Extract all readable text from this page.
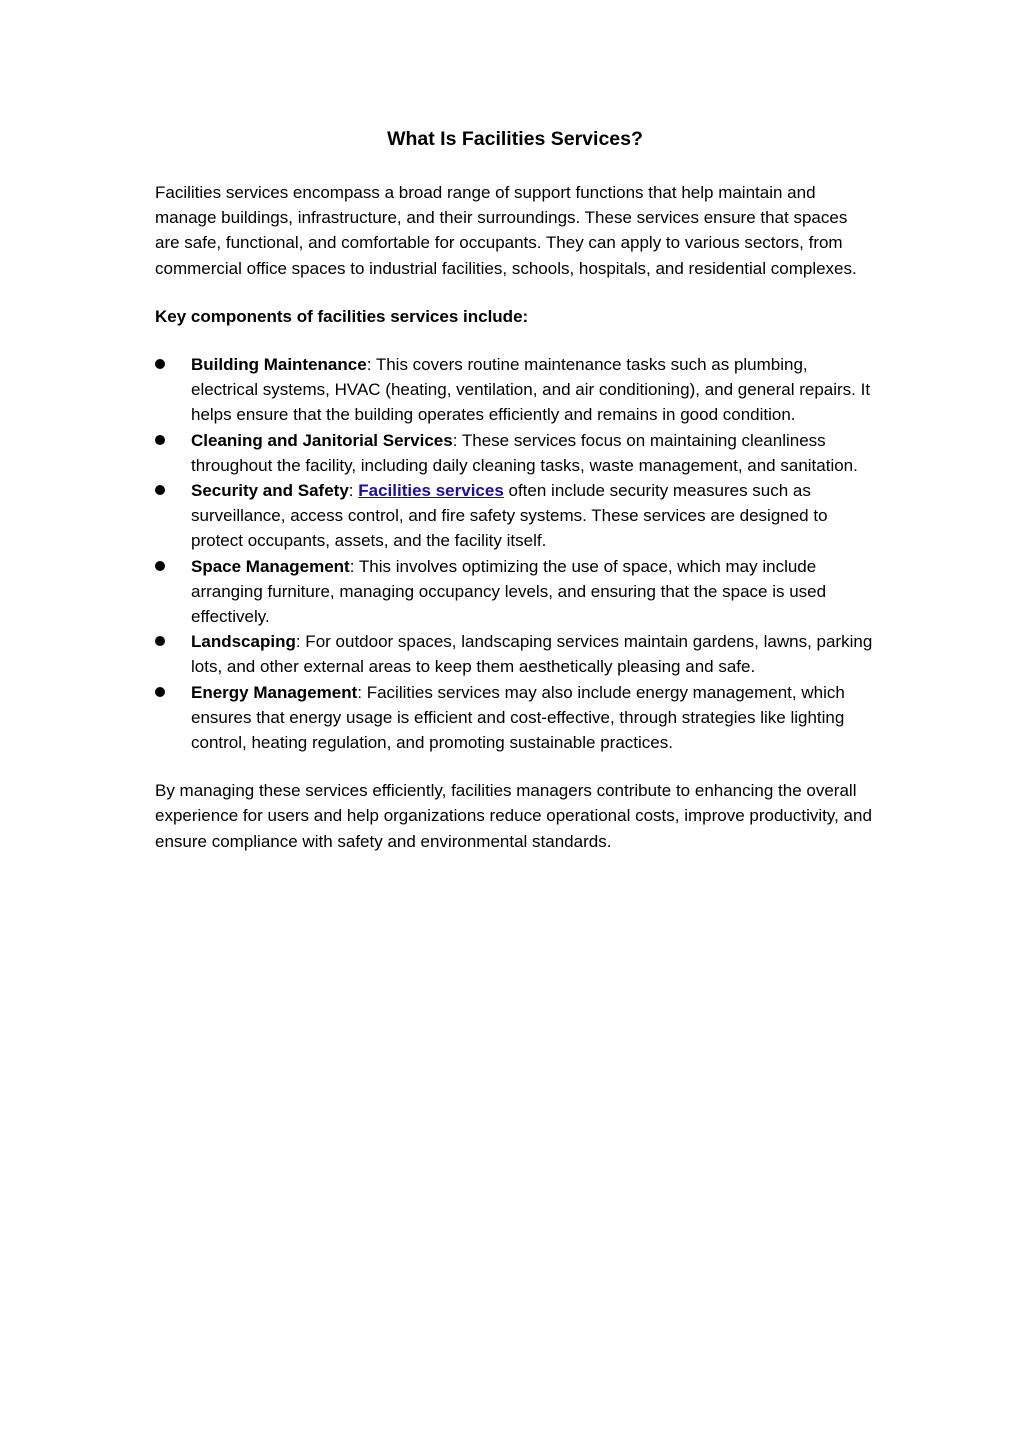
What Is Facilities Services?

Facilities services encompass a broad range of support functions that help maintain and manage buildings, infrastructure, and their surroundings. These services ensure that spaces are safe, functional, and comfortable for occupants. They can apply to various sectors, from commercial office spaces to industrial facilities, schools, hospitals, and residential complexes.

Key components of facilities services include:

Building Maintenance: This covers routine maintenance tasks such as plumbing, electrical systems, HVAC (heating, ventilation, and air conditioning), and general repairs. It helps ensure that the building operates efficiently and remains in good condition.
Cleaning and Janitorial Services: These services focus on maintaining cleanliness throughout the facility, including daily cleaning tasks, waste management, and sanitation.
Security and Safety: Facilities services often include security measures such as surveillance, access control, and fire safety systems. These services are designed to protect occupants, assets, and the facility itself.
Space Management: This involves optimizing the use of space, which may include arranging furniture, managing occupancy levels, and ensuring that the space is used effectively.
Landscaping: For outdoor spaces, landscaping services maintain gardens, lawns, parking lots, and other external areas to keep them aesthetically pleasing and safe.
Energy Management: Facilities services may also include energy management, which ensures that energy usage is efficient and cost-effective, through strategies like lighting control, heating regulation, and promoting sustainable practices.

By managing these services efficiently, facilities managers contribute to enhancing the overall experience for users and help organizations reduce operational costs, improve productivity, and ensure compliance with safety and environmental standards.
